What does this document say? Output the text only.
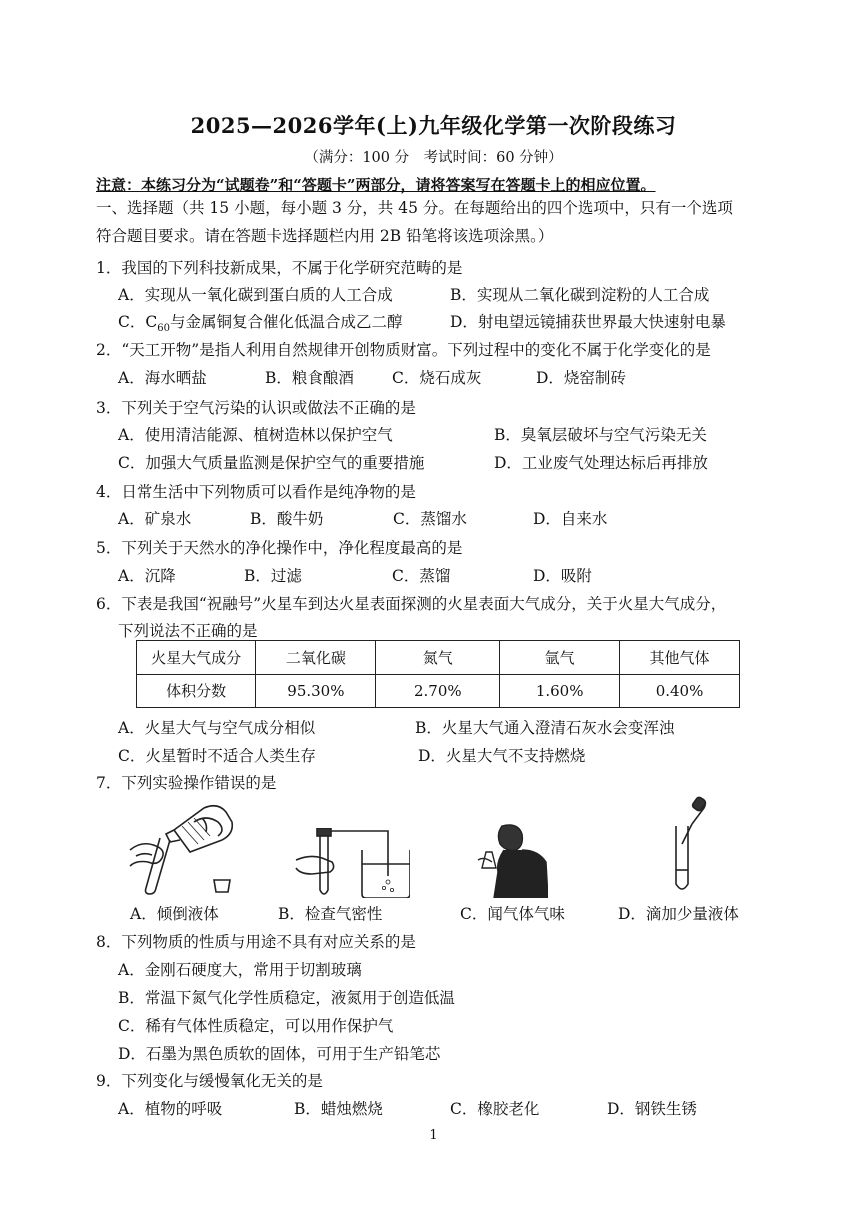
2025—2026学年(上)九年级化学第一次阶段练习
（满分：100 分　考试时间：60 分钟）
注意：本练习分为“试题卷”和“答题卡”两部分，请将答案写在答题卡上的相应位置。
一、选择题（共 15 小题，每小题 3 分，共 45 分。在每题给出的四个选项中，只有一个选项
符合题目要求。请在答题卡选择题栏内用 2B 铅笔将该选项涂黑。）
1．我国的下列科技新成果，不属于化学研究范畴的是
A．实现从一氧化碳到蛋白质的人工合成	B．实现从二氧化碳到淀粉的人工合成
C．$C_{60}$与金属铜复合催化低温合成乙二醇	D．射电望远镜捕获世界最大快速射电暴
2．“天工开物”是指人利用自然规律开创物质财富。下列过程中的变化不属于化学变化的是
A．海水晒盐	B．粮食酿酒 C．烧石成灰	D．烧窑制砖
3．下列关于空气污染的认识或做法不正确的是
A．使用清洁能源、植树造林以保护空气	B．臭氧层破坏与空气污染无关
C．加强大气质量监测是保护空气的重要措施	D．工业废气处理达标后再排放
4．日常生活中下列物质可以看作是纯净物的是
A．矿泉水	B．酸牛奶	C．蒸馏水	D．自来水
5．下列关于天然水的净化操作中，净化程度最高的是
A．沉降	B．过滤	C．蒸馏	D．吸附
6．下表是我国“祝融号”火星车到达火星表面探测的火星表面大气成分，关于火星大气成分，
下列说法不正确的是
火星大气成分	二氧化碳	氮气	氩气	其他气体
体积分数	95.30%	2.70%	1.60%	0.40%
A．火星大气与空气成分相似	B．火星大气通入澄清石灰水会变浑浊
C．火星暂时不适合人类生存	D．火星大气不支持燃烧
7．下列实验操作错误的是
A．倾倒液体	B．检查气密性	C．闻气体气味	D．滴加少量液体
8．下列物质的性质与用途不具有对应关系的是
A．金刚石硬度大，常用于切割玻璃
B．常温下氮气化学性质稳定，液氮用于创造低温
C．稀有气体性质稳定，可以用作保护气
D．石墨为黑色质软的固体，可用于生产铅笔芯
9．下列变化与缓慢氧化无关的是
A．植物的呼吸	B．蜡烛燃烧	C．橡胶老化	D．钢铁生锈
1
